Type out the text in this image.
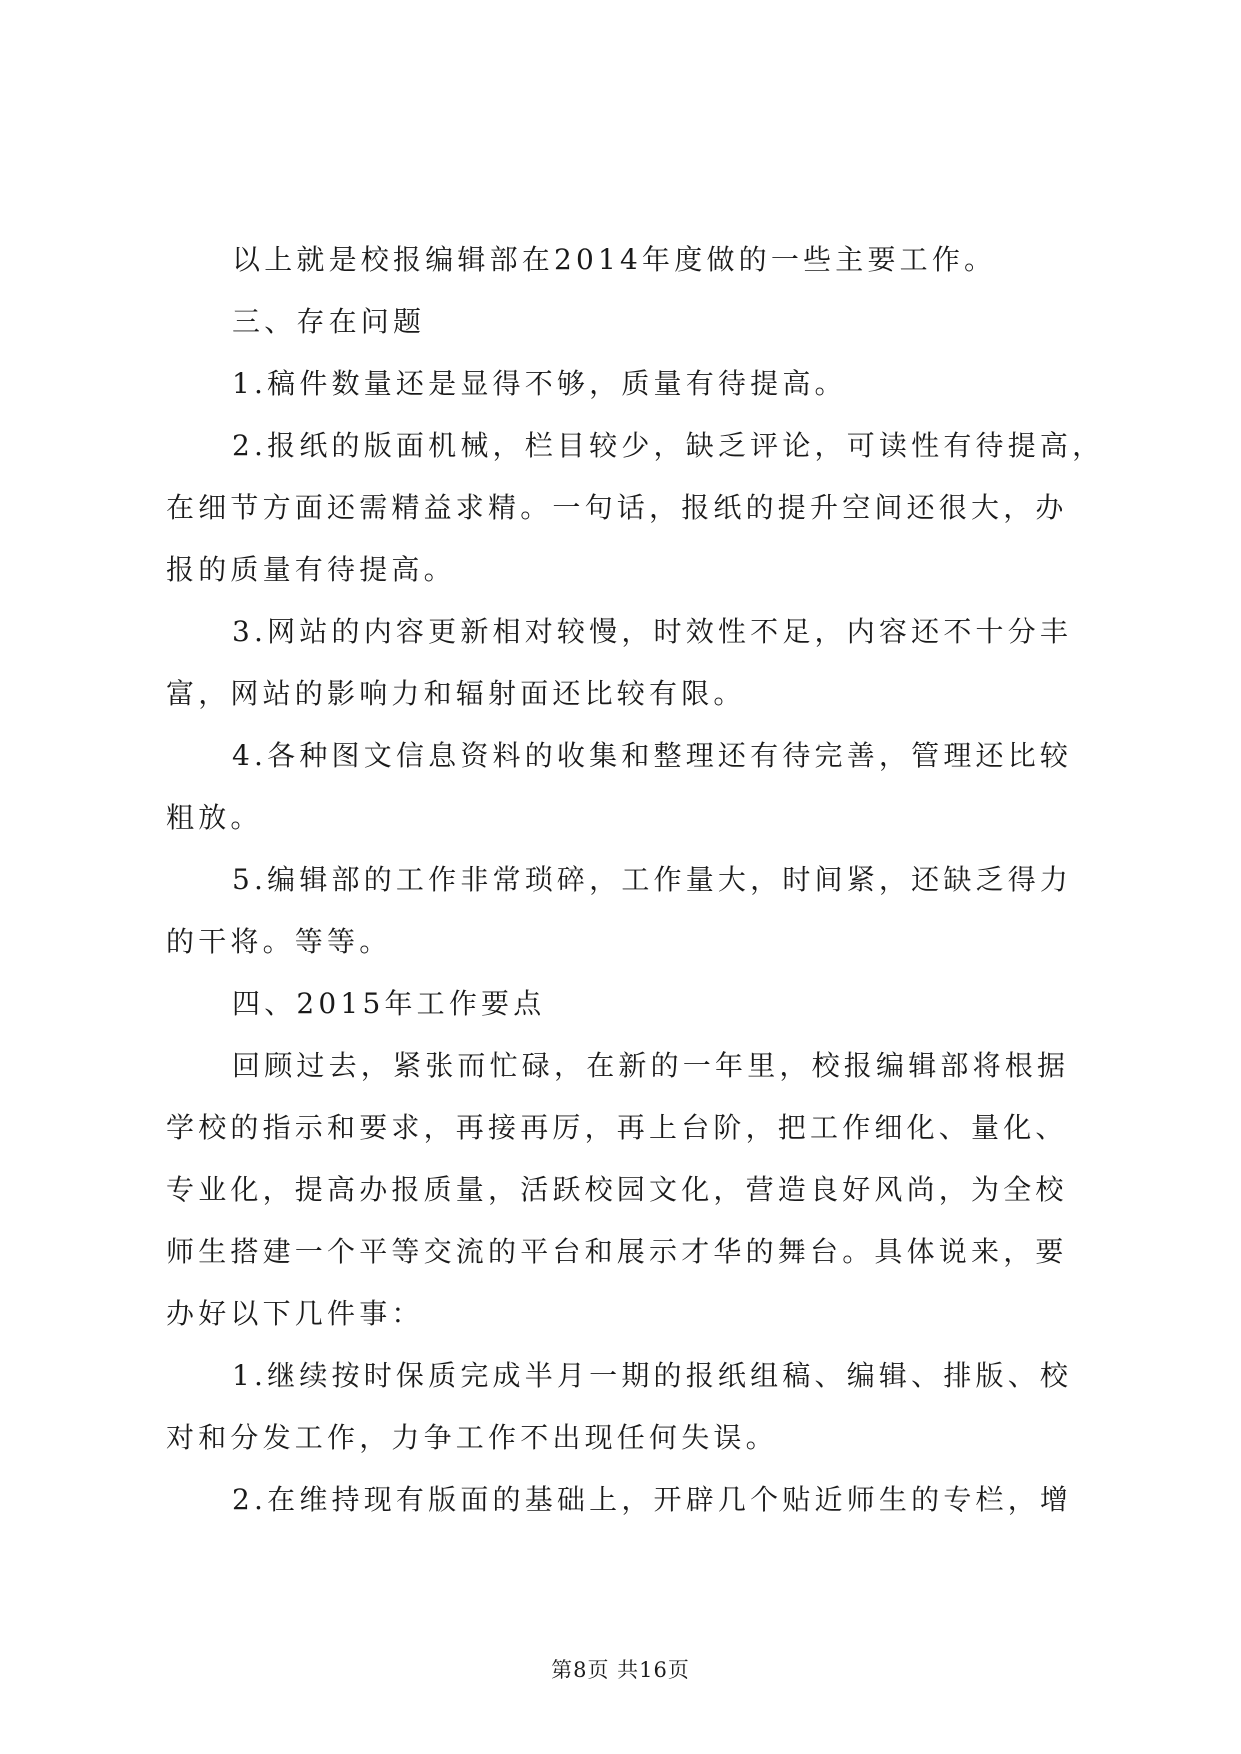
以上就是校报编辑部在2014年度做的一些主要工作。
三、存在问题
1.稿件数量还是显得不够，质量有待提高。
2.报纸的版面机械，栏目较少，缺乏评论，可读性有待提高，
在细节方面还需精益求精。一句话，报纸的提升空间还很大，办
报的质量有待提高。
3.网站的内容更新相对较慢，时效性不足，内容还不十分丰
富，网站的影响力和辐射面还比较有限。
4.各种图文信息资料的收集和整理还有待完善，管理还比较
粗放。
5.编辑部的工作非常琐碎，工作量大，时间紧，还缺乏得力
的干将。等等。
四、2015年工作要点
回顾过去，紧张而忙碌，在新的一年里，校报编辑部将根据
学校的指示和要求，再接再厉，再上台阶，把工作细化、量化、
专业化，提高办报质量，活跃校园文化，营造良好风尚，为全校
师生搭建一个平等交流的平台和展示才华的舞台。具体说来，要
办好以下几件事：
1.继续按时保质完成半月一期的报纸组稿、编辑、排版、校
对和分发工作，力争工作不出现任何失误。
2.在维持现有版面的基础上，开辟几个贴近师生的专栏，增
第8页 共16页
